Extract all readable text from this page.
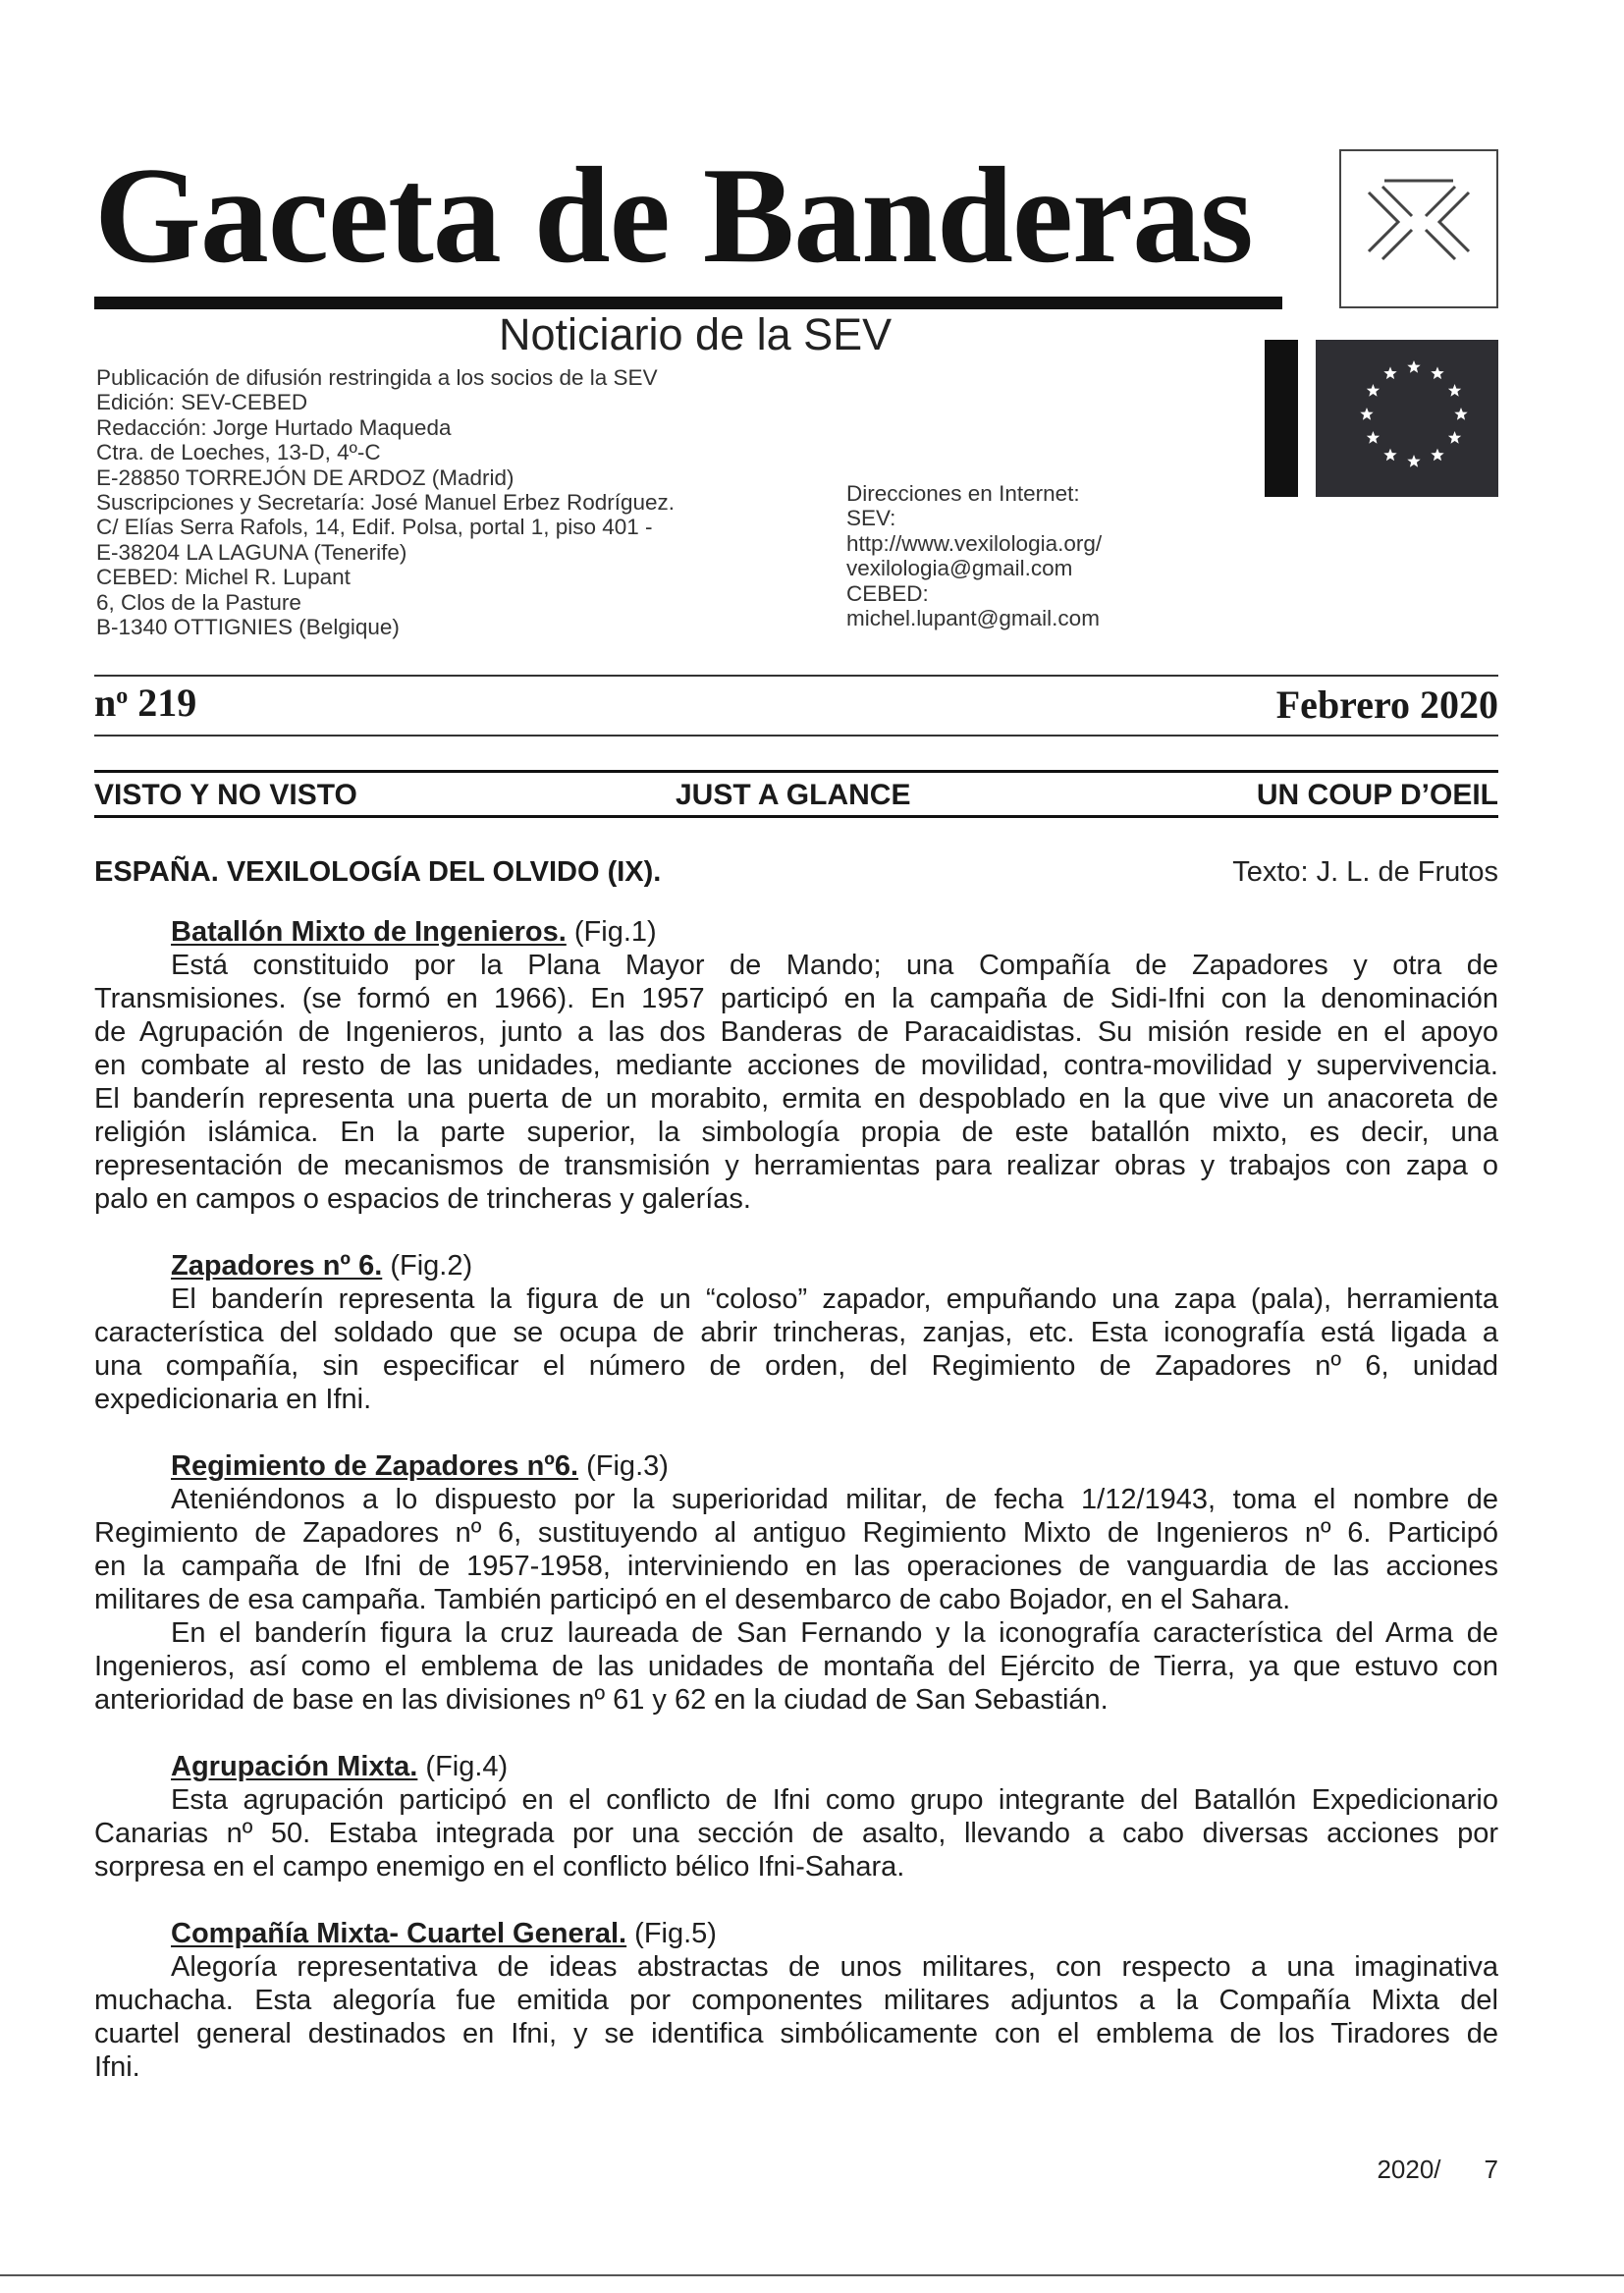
Gaceta de Banderas
Noticiario de la SEV
Publicación de difusión restringida a los socios de la SEV
Edición: SEV-CEBED
Redacción: Jorge Hurtado Maqueda
Ctra. de Loeches, 13-D, 4º-C
E-28850 TORREJÓN DE ARDOZ (Madrid)
Suscripciones y Secretaría: José Manuel Erbez Rodríguez.
C/ Elías Serra Rafols, 14, Edif. Polsa, portal 1, piso 401 -
E-38204 LA LAGUNA (Tenerife)
CEBED: Michel R. Lupant
6, Clos de la Pasture
B-1340 OTTIGNIES (Belgique)
Direcciones en Internet:
SEV:
http://www.vexilologia.org/
vexilologia@gmail.com
CEBED:
michel.lupant@gmail.com
$n^o$ 219	Febrero 2020
VISTO Y NO VISTO	JUST A GLANCE	UN COUP D’OEIL
ESPAÑA. VEXILOLOGÍA DEL OLVIDO (IX).	Texto: J. L. de Frutos
Batallón Mixto de Ingenieros. (Fig.1)
Está constituido por la Plana Mayor de Mando; una Compañía de Zapadores y otra de
Transmisiones. (se formó en 1966). En 1957 participó en la campaña de Sidi-Ifni con la denominación
de Agrupación de Ingenieros, junto a las dos Banderas de Paracaidistas. Su misión reside en el apoyo
en combate al resto de las unidades, mediante acciones de movilidad, contra-movilidad y supervivencia.
El banderín representa una puerta de un morabito, ermita en despoblado en la que vive un anacoreta de
religión islámica. En la parte superior, la simbología propia de este batallón mixto, es decir, una
representación de mecanismos de transmisión y herramientas para realizar obras y trabajos con zapa o
palo en campos o espacios de trincheras y galerías.
Zapadores nº 6. (Fig.2)
El banderín representa la figura de un “coloso” zapador, empuñando una zapa (pala), herramienta
característica del soldado que se ocupa de abrir trincheras, zanjas, etc. Esta iconografía está ligada a
una compañía, sin especificar el número de orden, del Regimiento de Zapadores nº 6, unidad
expedicionaria en Ifni.
Regimiento de Zapadores nº6. (Fig.3)
Ateniéndonos a lo dispuesto por la superioridad militar, de fecha 1/12/1943, toma el nombre de
Regimiento de Zapadores nº 6, sustituyendo al antiguo Regimiento Mixto de Ingenieros nº 6. Participó
en la campaña de Ifni de 1957-1958, interviniendo en las operaciones de vanguardia de las acciones
militares de esa campaña. También participó en el desembarco de cabo Bojador, en el Sahara.
En el banderín figura la cruz laureada de San Fernando y la iconografía característica del Arma de
Ingenieros, así como el emblema de las unidades de montaña del Ejército de Tierra, ya que estuvo con
anterioridad de base en las divisiones nº 61 y 62 en la ciudad de San Sebastián.
Agrupación Mixta. (Fig.4)
Esta agrupación participó en el conflicto de Ifni como grupo integrante del Batallón Expedicionario
Canarias nº 50. Estaba integrada por una sección de asalto, llevando a cabo diversas acciones por
sorpresa en el campo enemigo en el conflicto bélico Ifni-Sahara.
Compañía Mixta- Cuartel General. (Fig.5)
Alegoría representativa de ideas abstractas de unos militares, con respecto a una imaginativa
muchacha. Esta alegoría fue emitida por componentes militares adjuntos a la Compañía Mixta del
cuartel general destinados en Ifni, y se identifica simbólicamente con el emblema de los Tiradores de
Ifni.
2020/ 7
